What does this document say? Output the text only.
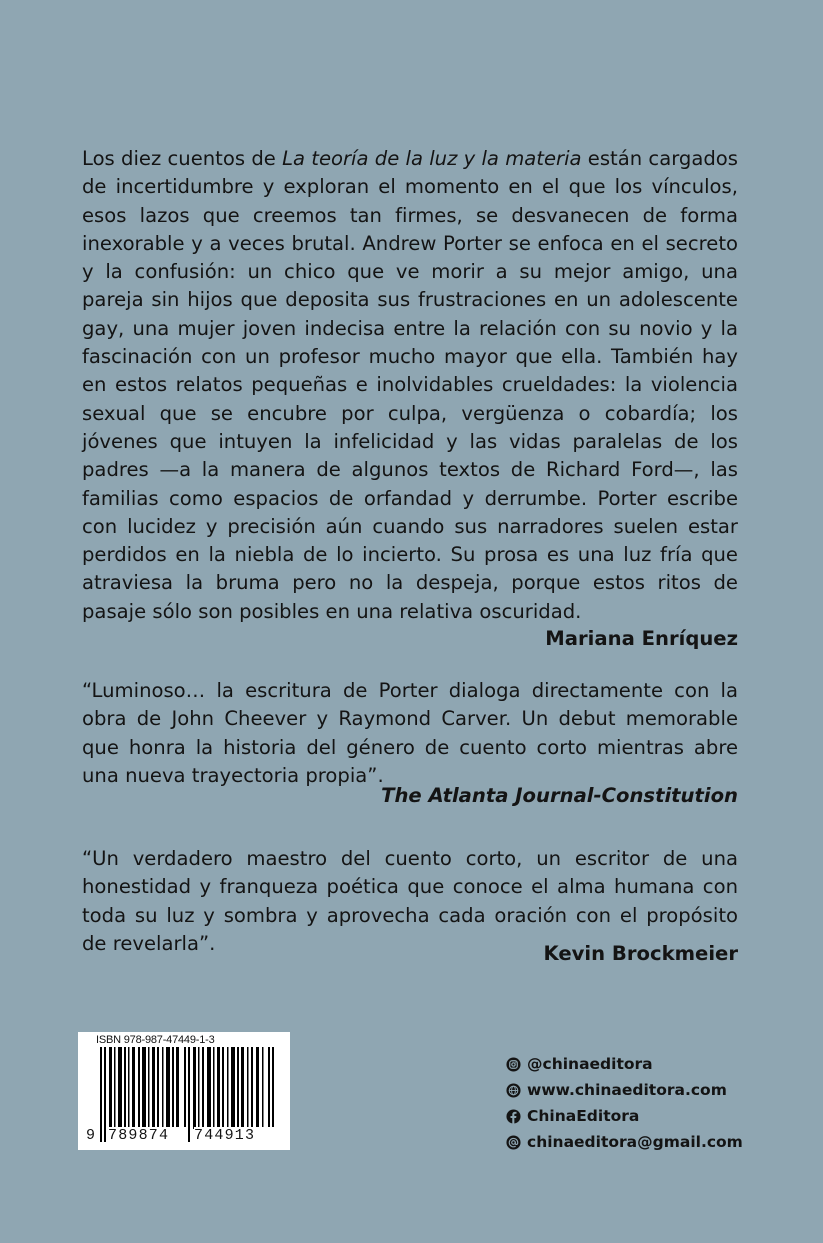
Los diez cuentos de La teoría de la luz y la materia están cargados de incertidumbre y exploran el momento en el que los vínculos, esos lazos que creemos tan firmes, se desvanecen de forma inexorable y a veces brutal. Andrew Porter se enfoca en el secreto y la confusión: un chico que ve morir a su mejor amigo, una pareja sin hijos que deposita sus frustraciones en un adolescente gay, una mujer joven indecisa entre la relación con su novio y la fascinación con un profesor mucho mayor que ella. También hay en estos relatos pequeñas e inolvidables crueldades: la violencia sexual que se encubre por culpa, vergüenza o cobardía; los jóvenes que intuyen la infelicidad y las vidas paralelas de los padres —a la manera de algunos textos de Richard Ford—, las familias como espacios de orfandad y derrumbe. Porter escribe con lucidez y precisión aún cuando sus narradores suelen estar perdidos en la niebla de lo incierto. Su prosa es una luz fría que atraviesa la bruma pero no la despeja, porque estos ritos de pasaje sólo son posibles en una relativa oscuridad.

Mariana Enríquez

“Luminoso… la escritura de Porter dialoga directamente con la obra de John Cheever y Raymond Carver. Un debut memorable que honra la historia del género de cuento corto mientras abre una nueva trayectoria propia”.

The Atlanta Journal-Constitution

“Un verdadero maestro del cuento corto, un escritor de una honestidad y franqueza poética que conoce el alma humana con toda su luz y sombra y aprovecha cada oración con el propósito de revelarla”.	Kevin Brockmeier

ISBN 978-987-47449-1-3
9 789874	744913
@chinaeditora
www.chinaeditora.com
ChinaEditora
chinaeditora@gmail.com
